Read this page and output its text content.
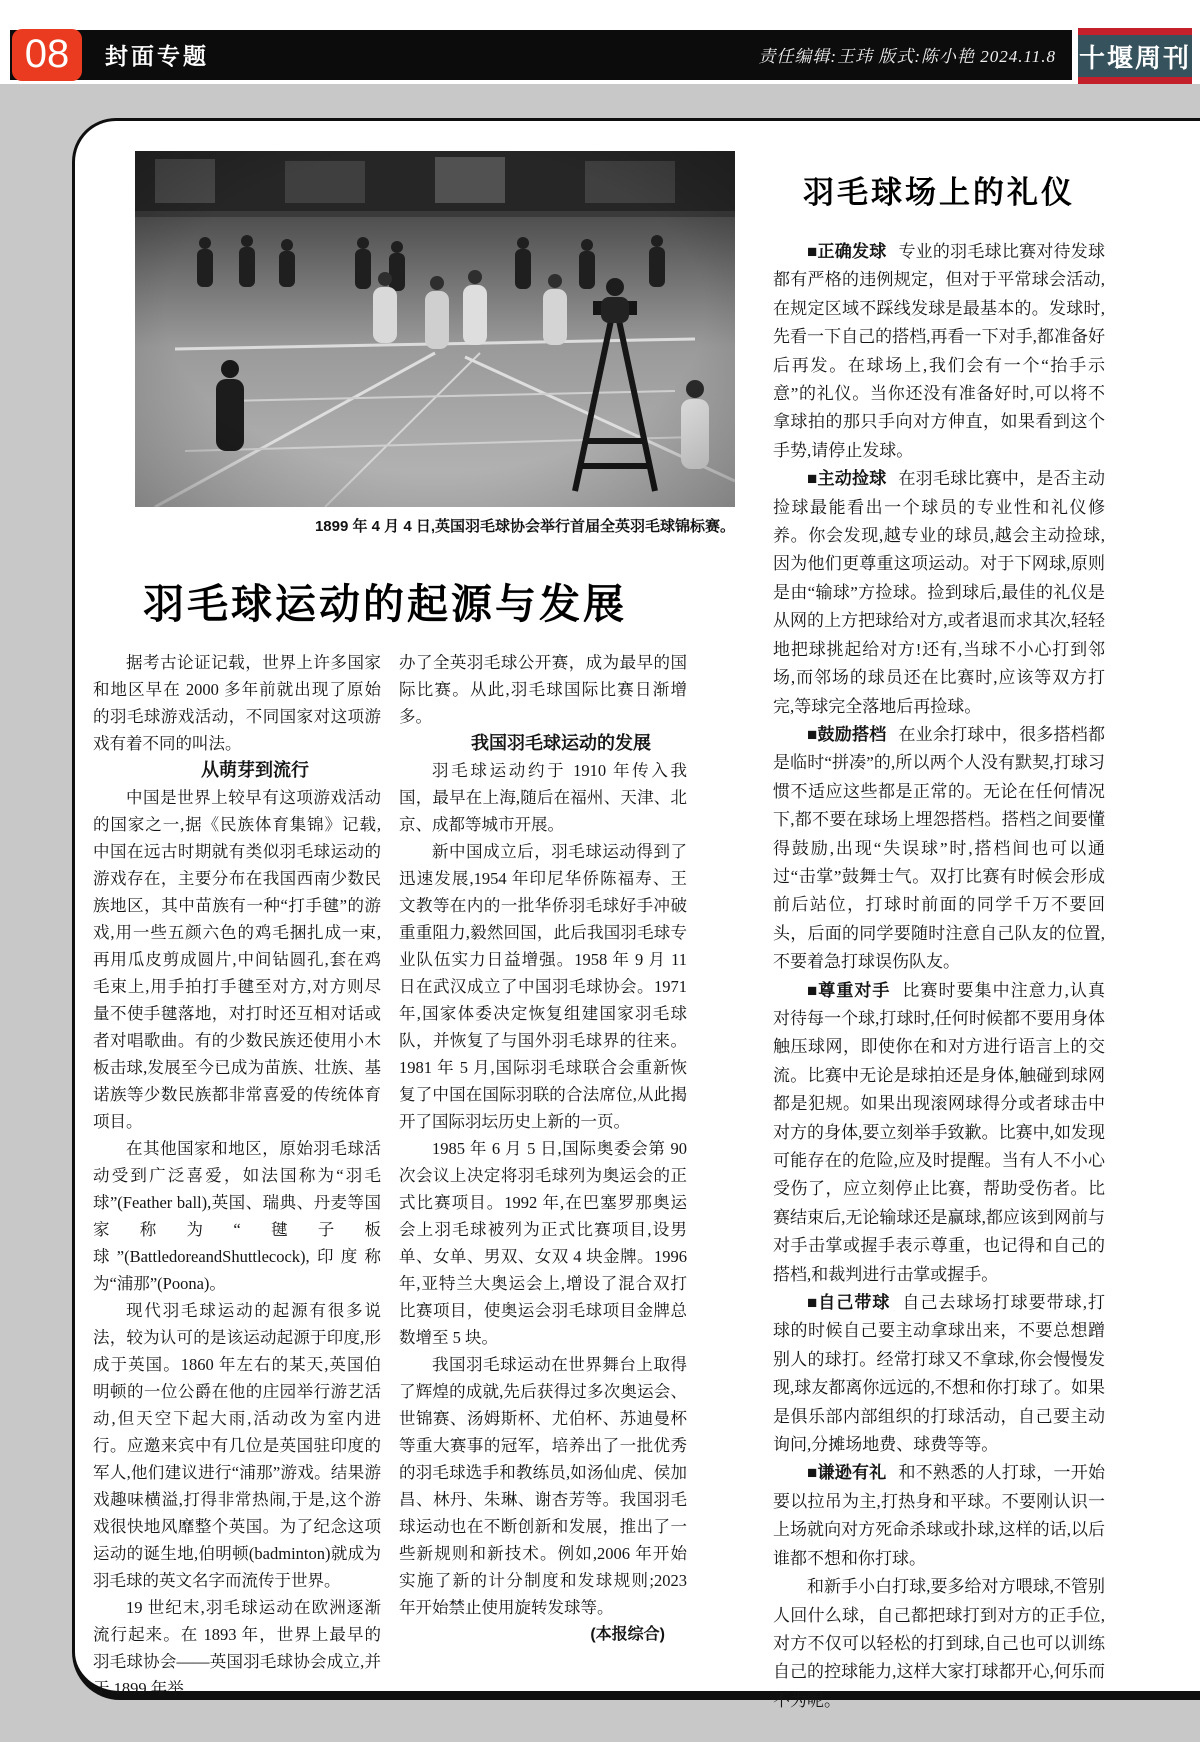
08	封面专题	责任编辑:王玮 版式:陈小艳 2024.11.8 十堰周刊
1899 年 4 月 4 日,英国羽毛球协会举行首届全英羽毛球锦标赛。
羽毛球运动的起源与发展

据考古论证记载，世界上许多国家和地区早在 2000 多年前就出现了原始的羽毛球游戏活动，不同国家对这项游戏有着不同的叫法。

从萌芽到流行

中国是世界上较早有这项游戏活动的国家之一,据《民族体育集锦》记载,中国在远古时期就有类似羽毛球运动的游戏存在，主要分布在我国西南少数民族地区，其中苗族有一种“打手毽”的游戏,用一些五颜六色的鸡毛捆扎成一束,再用瓜皮剪成圆片,中间钻圆孔,套在鸡毛束上,用手拍打手毽至对方,对方则尽量不使手毽落地，对打时还互相对话或者对唱歌曲。有的少数民族还使用小木板击球,发展至今已成为苗族、壮族、基诺族等少数民族都非常喜爱的传统体育项目。

在其他国家和地区，原始羽毛球活动受到广泛喜爱，如法国称为“羽毛球”(Feather ball),英国、瑞典、丹麦等国家称为“毽子板球”(BattledoreandShuttlecock),印度称为“浦那”(Poona)。

现代羽毛球运动的起源有很多说法，较为认可的是该运动起源于印度,形成于英国。1860 年左右的某天,英国伯明顿的一位公爵在他的庄园举行游艺活动,但天空下起大雨,活动改为室内进行。应邀来宾中有几位是英国驻印度的军人,他们建议进行“浦那”游戏。结果游戏趣味横溢,打得非常热闹,于是,这个游戏很快地风靡整个英国。为了纪念这项运动的诞生地,伯明顿(badminton)就成为羽毛球的英文名字而流传于世界。

19 世纪末,羽毛球运动在欧洲逐渐流行起来。在 1893 年，世界上最早的羽毛球协会——英国羽毛球协会成立,并于 1899 年举

办了全英羽毛球公开赛，成为最早的国际比赛。从此,羽毛球国际比赛日渐增多。

我国羽毛球运动的发展

羽毛球运动约于 1910 年传入我国，最早在上海,随后在福州、天津、北京、成都等城市开展。

新中国成立后，羽毛球运动得到了迅速发展,1954 年印尼华侨陈福寿、王文教等在内的一批华侨羽毛球好手冲破重重阻力,毅然回国，此后我国羽毛球专业队伍实力日益增强。1958 年 9 月 11 日在武汉成立了中国羽毛球协会。1971 年,国家体委决定恢复组建国家羽毛球队，并恢复了与国外羽毛球界的往来。1981 年 5 月,国际羽毛球联合会重新恢复了中国在国际羽联的合法席位,从此揭开了国际羽坛历史上新的一页。

1985 年 6 月 5 日,国际奥委会第 90 次会议上决定将羽毛球列为奥运会的正式比赛项目。1992 年,在巴塞罗那奥运会上羽毛球被列为正式比赛项目,设男单、女单、男双、女双 4 块金牌。1996 年,亚特兰大奥运会上,增设了混合双打比赛项目，使奥运会羽毛球项目金牌总数增至 5 块。

我国羽毛球运动在世界舞台上取得了辉煌的成就,先后获得过多次奥运会、世锦赛、汤姆斯杯、尤伯杯、苏迪曼杯等重大赛事的冠军，培养出了一批优秀的羽毛球选手和教练员,如汤仙虎、侯加昌、林丹、朱琳、谢杏芳等。我国羽毛球运动也在不断创新和发展，推出了一些新规则和新技术。例如,2006 年开始实施了新的计分制度和发球规则;2023 年开始禁止使用旋转发球等。

(本报综合)

羽毛球场上的礼仪

■正确发球 专业的羽毛球比赛对待发球都有严格的违例规定，但对于平常球会活动,在规定区域不踩线发球是最基本的。发球时,先看一下自己的搭档,再看一下对手,都准备好后再发。在球场上,我们会有一个“抬手示意”的礼仪。当你还没有准备好时,可以将不拿球拍的那只手向对方伸直，如果看到这个手势,请停止发球。

■主动捡球 在羽毛球比赛中，是否主动捡球最能看出一个球员的专业性和礼仪修养。你会发现,越专业的球员,越会主动捡球,因为他们更尊重这项运动。对于下网球,原则是由“输球”方捡球。捡到球后,最佳的礼仪是从网的上方把球给对方,或者退而求其次,轻轻地把球挑起给对方!还有,当球不小心打到邻场,而邻场的球员还在比赛时,应该等双方打完,等球完全落地后再捡球。

■鼓励搭档 在业余打球中，很多搭档都是临时“拼凑”的,所以两个人没有默契,打球习惯不适应这些都是正常的。无论在任何情况下,都不要在球场上埋怨搭档。搭档之间要懂得鼓励,出现“失误球”时,搭档间也可以通过“击掌”鼓舞士气。双打比赛有时候会形成前后站位，打球时前面的同学千万不要回头，后面的同学要随时注意自己队友的位置,不要着急打球误伤队友。

■尊重对手 比赛时要集中注意力,认真对待每一个球,打球时,任何时候都不要用身体触压球网，即使你在和对方进行语言上的交流。比赛中无论是球拍还是身体,触碰到球网都是犯规。如果出现滚网球得分或者球击中对方的身体,要立刻举手致歉。比赛中,如发现可能存在的危险,应及时提醒。当有人不小心受伤了，应立刻停止比赛，帮助受伤者。比赛结束后,无论输球还是赢球,都应该到网前与对手击掌或握手表示尊重，也记得和自己的搭档,和裁判进行击掌或握手。

■自己带球 自己去球场打球要带球,打球的时候自己要主动拿球出来，不要总想蹭别人的球打。经常打球又不拿球,你会慢慢发现,球友都离你远远的,不想和你打球了。如果是俱乐部内部组织的打球活动，自己要主动询问,分摊场地费、球费等等。

■谦逊有礼 和不熟悉的人打球，一开始要以拉吊为主,打热身和平球。不要刚认识一上场就向对方死命杀球或扑球,这样的话,以后谁都不想和你打球。

和新手小白打球,要多给对方喂球,不管别人回什么球，自己都把球打到对方的正手位,对方不仅可以轻松的打到球,自己也可以训练自己的控球能力,这样大家打球都开心,何乐而不为呢。
